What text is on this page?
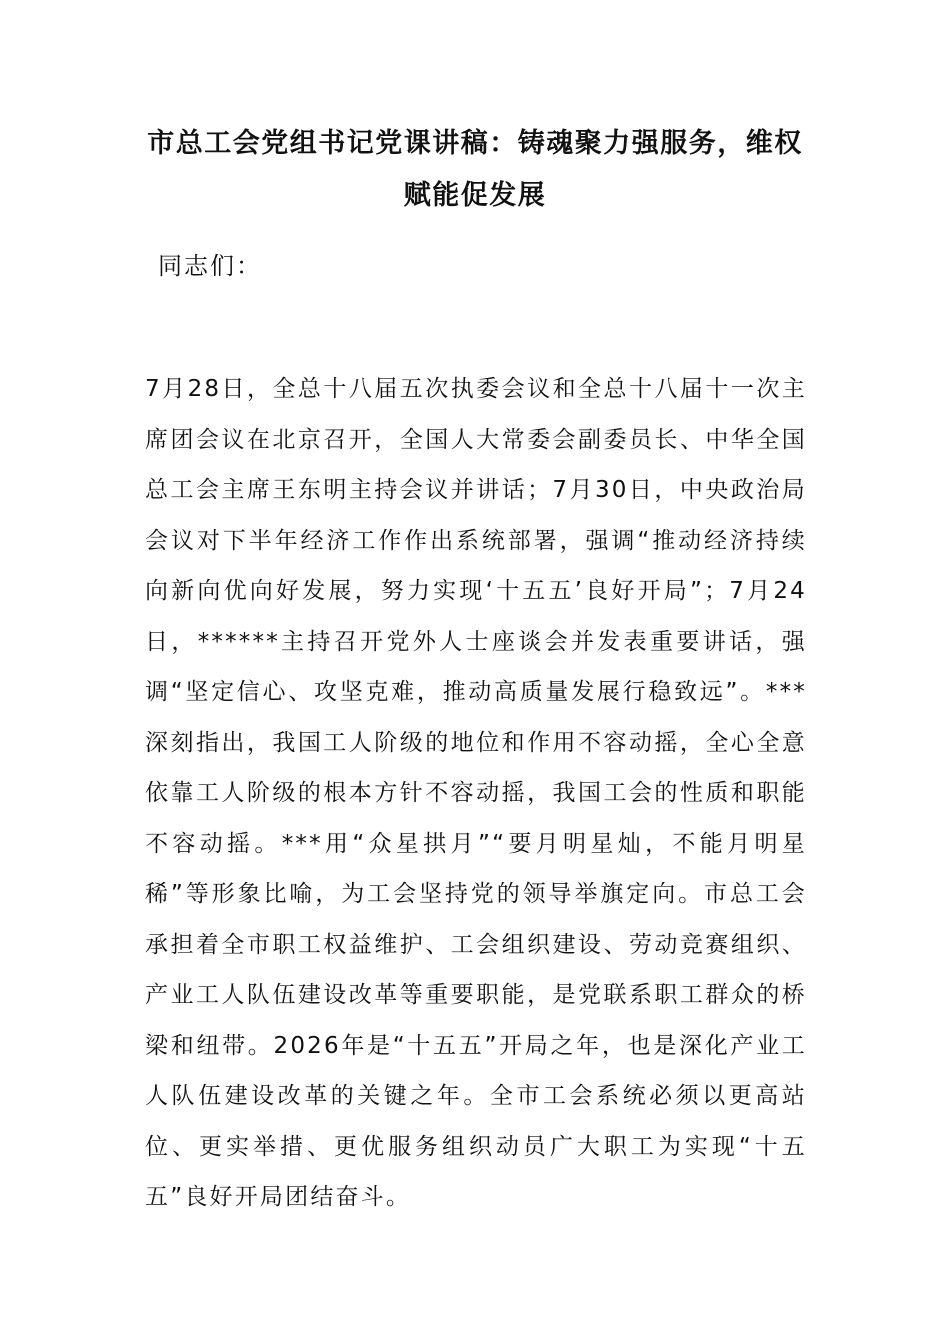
市总工会党组书记党课讲稿：铸魂聚力强服务，维权赋能促发展

同志们：

7月28日，全总十八届五次执委会议和全总十八届十一次主席团会议在北京召开，全国人大常委会副委员长、中华全国总工会主席王东明主持会议并讲话；7月30日，中央政治局会议对下半年经济工作作出系统部署，强调“推动经济持续向新向优向好发展，努力实现‘十五五’良好开局”；7月24日，******主持召开党外人士座谈会并发表重要讲话，强调“坚定信心、攻坚克难，推动高质量发展行稳致远”。***深刻指出，我国工人阶级的地位和作用不容动摇，全心全意依靠工人阶级的根本方针不容动摇，我国工会的性质和职能不容动摇。***用“众星拱月”“要月明星灿，不能月明星稀”等形象比喻，为工会坚持党的领导举旗定向。市总工会承担着全市职工权益维护、工会组织建设、劳动竞赛组织、产业工人队伍建设改革等重要职能，是党联系职工群众的桥梁和纽带。2026年是“十五五”开局之年，也是深化产业工人队伍建设改革的关键之年。全市工会系统必须以更高站位、更实举措、更优服务组织动员广大职工为实现“十五五”良好开局团结奋斗。
